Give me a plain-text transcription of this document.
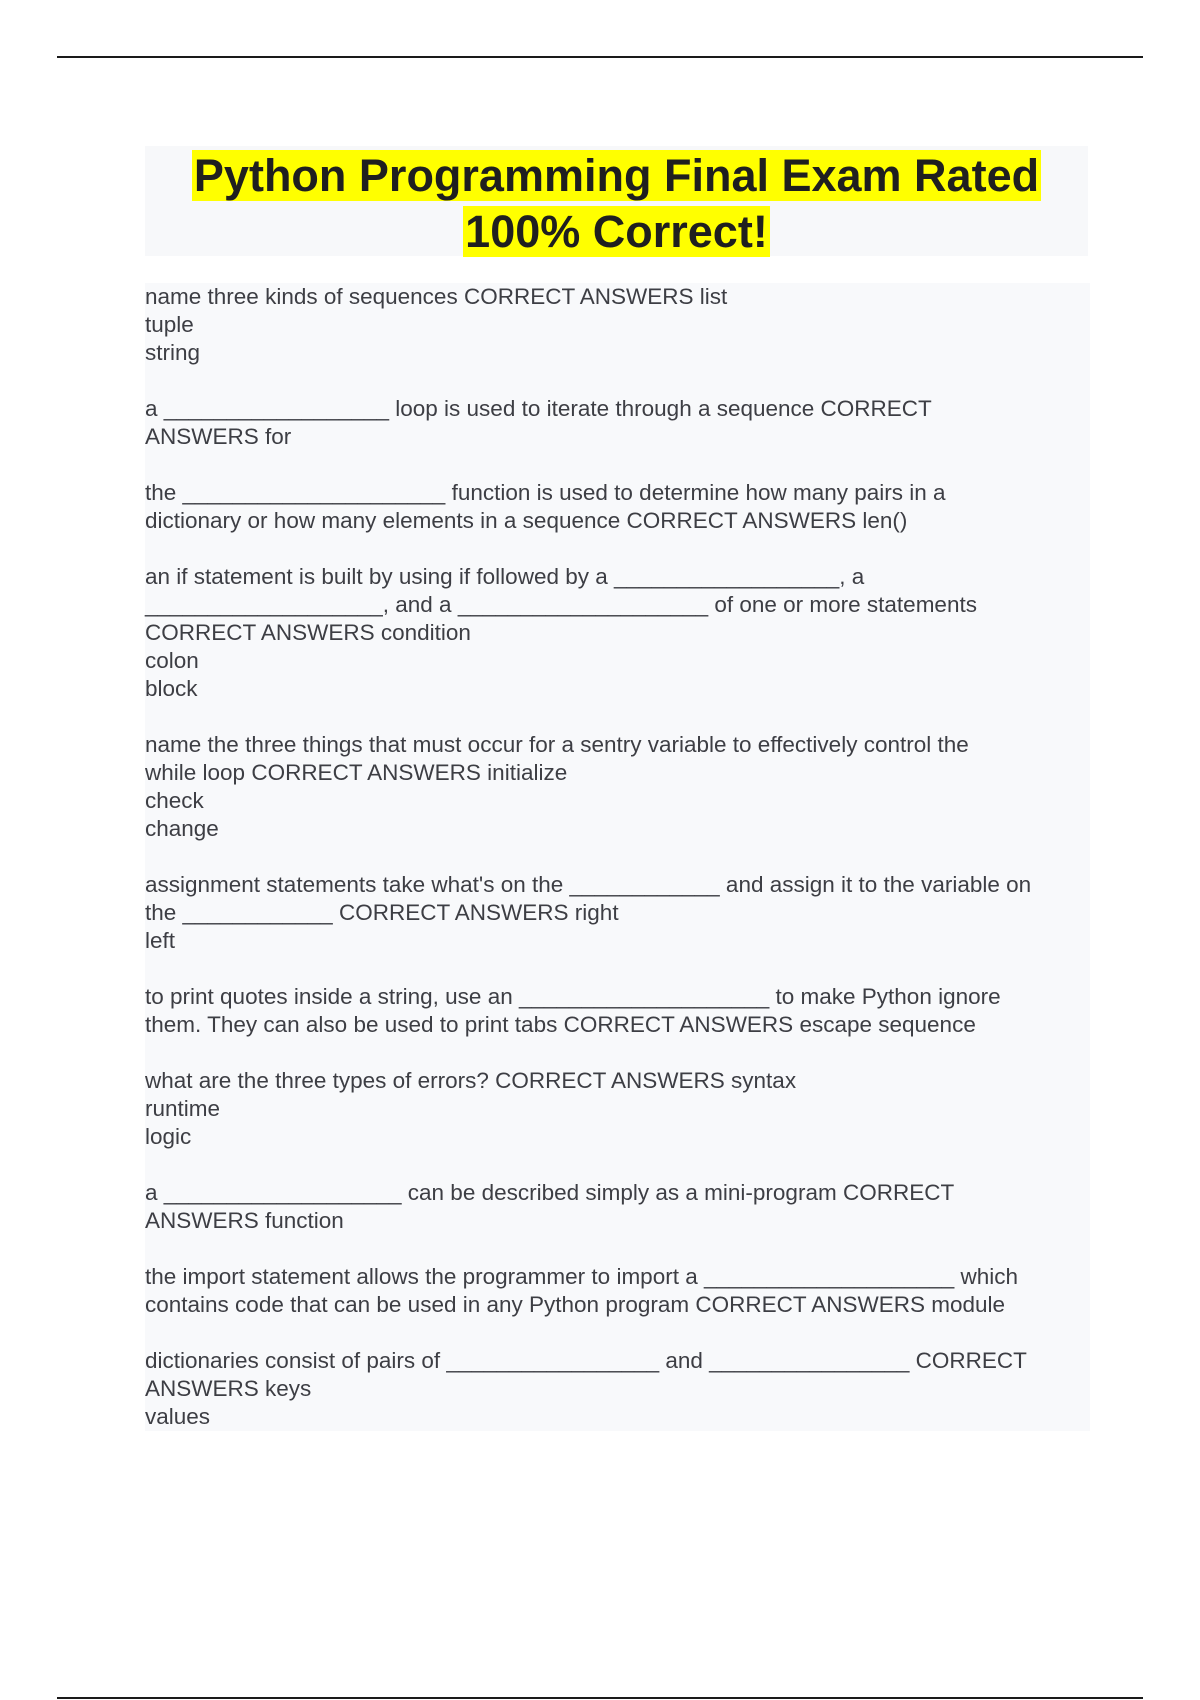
Python Programming Final Exam Rated
100% Correct!

name three kinds of sequences CORRECT ANSWERS list
tuple
string

a __________________ loop is used to iterate through a sequence CORRECT
ANSWERS for

the _____________________ function is used to determine how many pairs in a
dictionary or how many elements in a sequence CORRECT ANSWERS len()

an if statement is built by using if followed by a __________________, a
___________________, and a ____________________ of one or more statements
CORRECT ANSWERS condition
colon
block

name the three things that must occur for a sentry variable to effectively control the
while loop CORRECT ANSWERS initialize
check
change

assignment statements take what's on the ____________ and assign it to the variable on
the ____________ CORRECT ANSWERS right
left

to print quotes inside a string, use an ____________________ to make Python ignore
them. They can also be used to print tabs CORRECT ANSWERS escape sequence

what are the three types of errors? CORRECT ANSWERS syntax
runtime
logic

a ___________________ can be described simply as a mini-program CORRECT
ANSWERS function

the import statement allows the programmer to import a ____________________ which
contains code that can be used in any Python program CORRECT ANSWERS module

dictionaries consist of pairs of _________________ and ________________ CORRECT
ANSWERS keys
values
